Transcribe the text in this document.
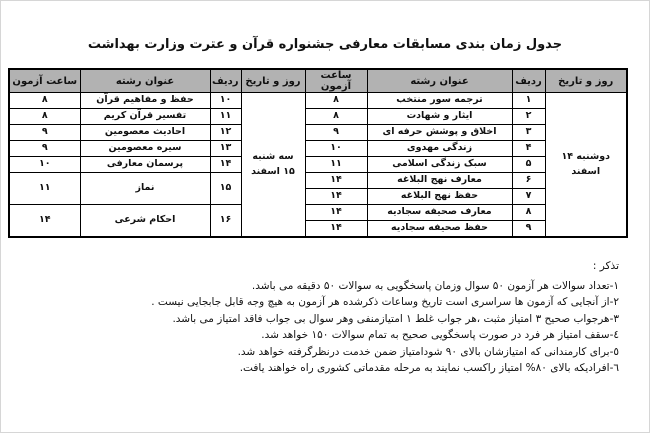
جدول زمان بندی مسابقات معارفی جشنواره قرآن و عترت وزارت بهداشت
روز و تاریخ	ردیف	عنوان رشته	ساعت آزمون	روز و تاریخ	ردیف	عنوان رشته	ساعت آزمون

دوشنبه ۱۴ اسفند	۱	ترجمه سور منتخب	۸	سه شنبه ۱۵ اسفند	۱۰	حفظ و مفاهیم قرآن	۸
	۲	ایثار و شهادت	۸		۱۱	تفسیر قرآن کریم	۸
	۳	اخلاق و پوشش حرفه ای	۹		۱۲	احادیث معصومین	۹
	۴	زندگی مهدوی	۱۰		۱۳	سیره معصومین	۹
	۵	سبک زندگی اسلامی	۱۱		۱۴	پرسمان معارفی	۱۰
	۶	معارف نهج البلاغه	۱۴		۱۵	نماز	۱۱
	۷	حفظ نهج البلاغه	۱۴				
	۸	معارف صحیفه سجادیه	۱۴		۱۶	احکام شرعی	۱۴
	۹	حفظ صحیفه سجادیه	۱۴				
تذکر :
۱-تعداد سوالات هر آزمون ۵۰ سوال وزمان پاسخگویی به سوالات ۵۰ دقیقه می باشد.
۲-از آنجایی که آزمون ها سراسری است تاریخ وساعات ذکرشده هر آزمون به هیچ وجه قابل جابجایی نیست .
۳-هرجواب صحیح ۳ امتیاز مثبت ،هر جواب غلط ۱ امتیازمنفی وهر سوال بی جواب فاقد امتیاز می باشد.
٤-سقف امتیاز هر فرد در صورت پاسخگویی صحیح به تمام سوالات ۱۵۰ خواهد شد.
٥-برای کارمندانی که امتیازشان بالای ۹۰ شودامتیاز ضمن خدمت درنظرگرفته خواهد شد.
٦-افرادیکه بالای ۸۰% امتیاز راکسب نمایند به مرحله مقدماتی کشوری راه خواهند یافت.
